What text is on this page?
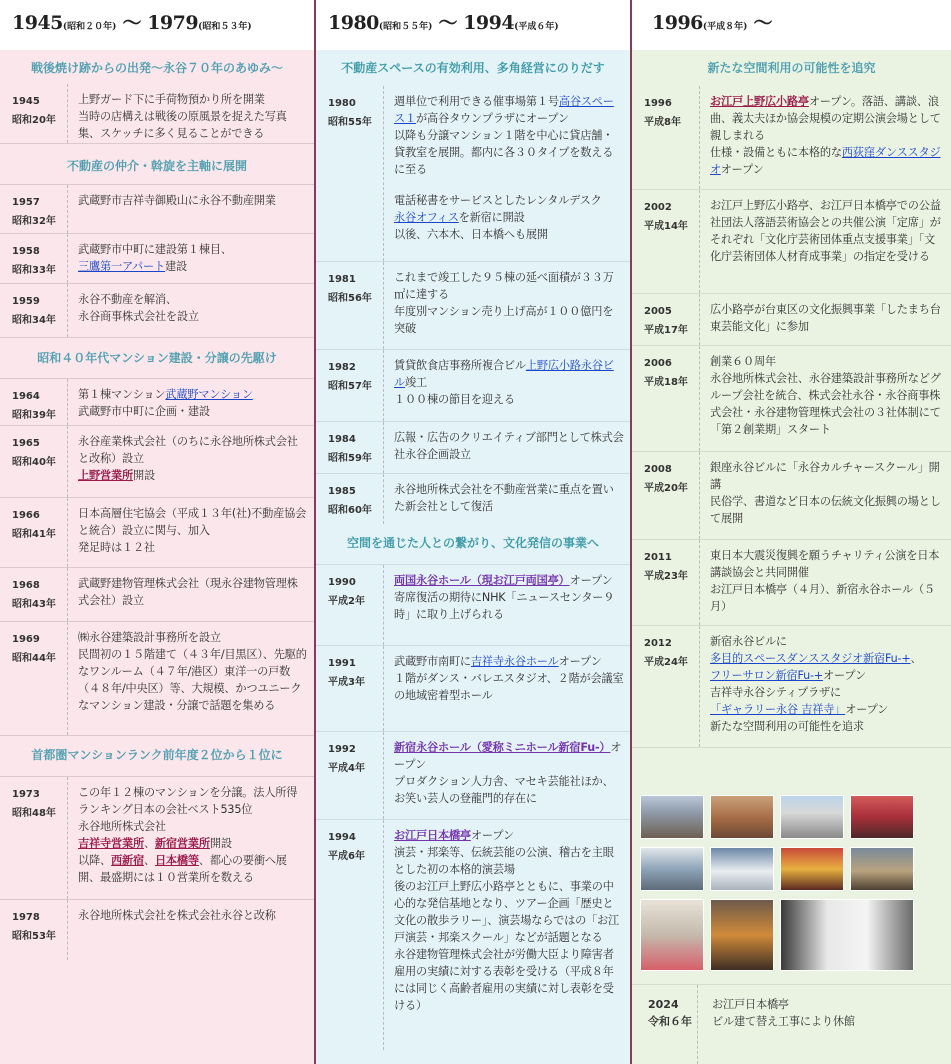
1945(昭和２０年) 〜 1979(昭和５３年)
戦後焼け跡からの出発〜永谷７０年のあゆみ〜
1945
昭和20年
上野ガード下に手荷物預かり所を開業
当時の店構えは戦後の原風景を捉えた写真集、スケッチに多く見ることができる
不動産の仲介・斡旋を主軸に展開
1957
昭和32年
武蔵野市吉祥寺御殿山に永谷不動産開業
1958
昭和33年
武蔵野市中町に建設第１棟目、
三鷹第一アパート建設
1959
昭和34年
永谷不動産を解消、
永谷商事株式会社を設立
昭和４０年代マンション建設・分譲の先駆け
1964
昭和39年
第１棟マンション武蔵野マンション
武蔵野市中町に企画・建設
1965
昭和40年
永谷産業株式会社（のちに永谷地所株式会社と改称）設立
上野営業所開設
1966
昭和41年
日本高層住宅協会（平成１３年(社)不動産協会と統合）設立に関与、加入
発足時は１２社
1968
昭和43年
武蔵野建物管理株式会社（現永谷建物管理株式会社）設立
1969
昭和44年
㈱永谷建築設計事務所を設立
民間初の１５階建て（４３年/目黒区）、先駆的なワンルーム（４７年/港区）東洋一の戸数（４８年/中央区）等、大規模、かつユニークなマンション建設・分譲で話題を集める
首都圏マンションランク前年度２位から１位に
1973
昭和48年
この年１２棟のマンションを分譲。法人所得ランキング日本の会社ベスト535位
永谷地所株式会社
吉祥寺営業所、新宿営業所開設
以降、西新宿、日本橋等、都心の要衝へ展開、最盛期には１０営業所を数える
1978
昭和53年
永谷地所株式会社を株式会社永谷と改称
1980(昭和５５年) 〜 1994(平成６年)
不動産スペースの有効利用、多角経営にのりだす
1980
昭和55年
週単位で利用できる催事場第１号高谷スペース１が高谷タウンプラザにオープン
以降も分譲マンション１階を中心に貸店舗・貸教室を展開。都内に各３０タイプを数えるに至る

電話秘書をサービスとしたレンタルデスク
永谷オフィスを新宿に開設
以後、六本木、日本橋へも展開
1981
昭和56年
これまで竣工した９５棟の延べ面積が３３万㎡に達する
年度別マンション売り上げ高が１００億円を突破
1982
昭和57年
賃貸飲食店事務所複合ビル上野広小路永谷ビル竣工
１００棟の節目を迎える
1984
昭和59年
広報・広告のクリエイティブ部門として株式会社永谷企画設立
1985
昭和60年
永谷地所株式会社を不動産営業に重点を置いた新会社として復活
空間を通じた人との繋がり、文化発信の事業へ
1990
平成2年
両国永谷ホール（現お江戸両国亭）オープン
寄席復活の期待にNHK「ニュースセンター９時」に取り上げられる
1991
平成3年
武蔵野市南町に吉祥寺永谷ホールオープン
１階がダンス・バレエスタジオ、２階が会議室の地域密着型ホール
1992
平成4年
新宿永谷ホール（愛称ミニホール新宿Fu-）オープン
プロダクション人力舎、マセキ芸能社ほか、お笑い芸人の登龍門的存在に
1994
平成6年
お江戸日本橋亭オープン
演芸・邦楽等、伝統芸能の公演、稽古を主眼とした初の本格的演芸場
後のお江戸上野広小路亭とともに、事業の中心的な発信基地となり、ツアー企画「歴史と文化の散歩ラリー」、演芸場ならではの「お江戸演芸・邦楽スクール」などが話題となる
永谷建物管理株式会社が労働大臣より障害者雇用の実績に対する表彰を受ける（平成８年には同じく高齢者雇用の実績に対し表彰を受ける）
1996(平成８年) 〜
新たな空間利用の可能性を追究
1996
平成8年
お江戸上野広小路亭オープン。落語、講談、浪曲、義太夫ほか協会規模の定期公演会場として親しまれる
仕様・設備ともに本格的な西荻窪ダンススタジオオープン
2002
平成14年
お江戸上野広小路亭、お江戸日本橋亭での公益社団法人落語芸術協会との共催公演「定席」がそれぞれ「文化庁芸術団体重点支援事業」「文化庁芸術団体人材育成事業」の指定を受ける
2005
平成17年
広小路亭が台東区の文化振興事業「したまち台東芸能文化」に参加
2006
平成18年
創業６０周年
永谷地所株式会社、永谷建築設計事務所などグループ会社を統合、株式会社永谷・永谷商事株式会社・永谷建物管理株式会社の３社体制にて「第２創業期」スタート
2008
平成20年
銀座永谷ビルに「永谷カルチャースクール」開講
民俗学、書道など日本の伝統文化振興の場として展開
2011
平成23年
東日本大震災復興を願うチャリティ公演を日本講談協会と共同開催
お江戸日本橋亭（４月）、新宿永谷ホール（５月）
2012
平成24年
新宿永谷ビルに
多目的スペースダンススタジオ新宿Fu-+、
フリーサロン新宿Fu-+オープン
吉祥寺永谷シティプラザに
「ギャラリー永谷 吉祥寺」オープン
新たな空間利用の可能性を追求
2024
令和６年
お江戸日本橋亭
ビル建て替え工事により休館
